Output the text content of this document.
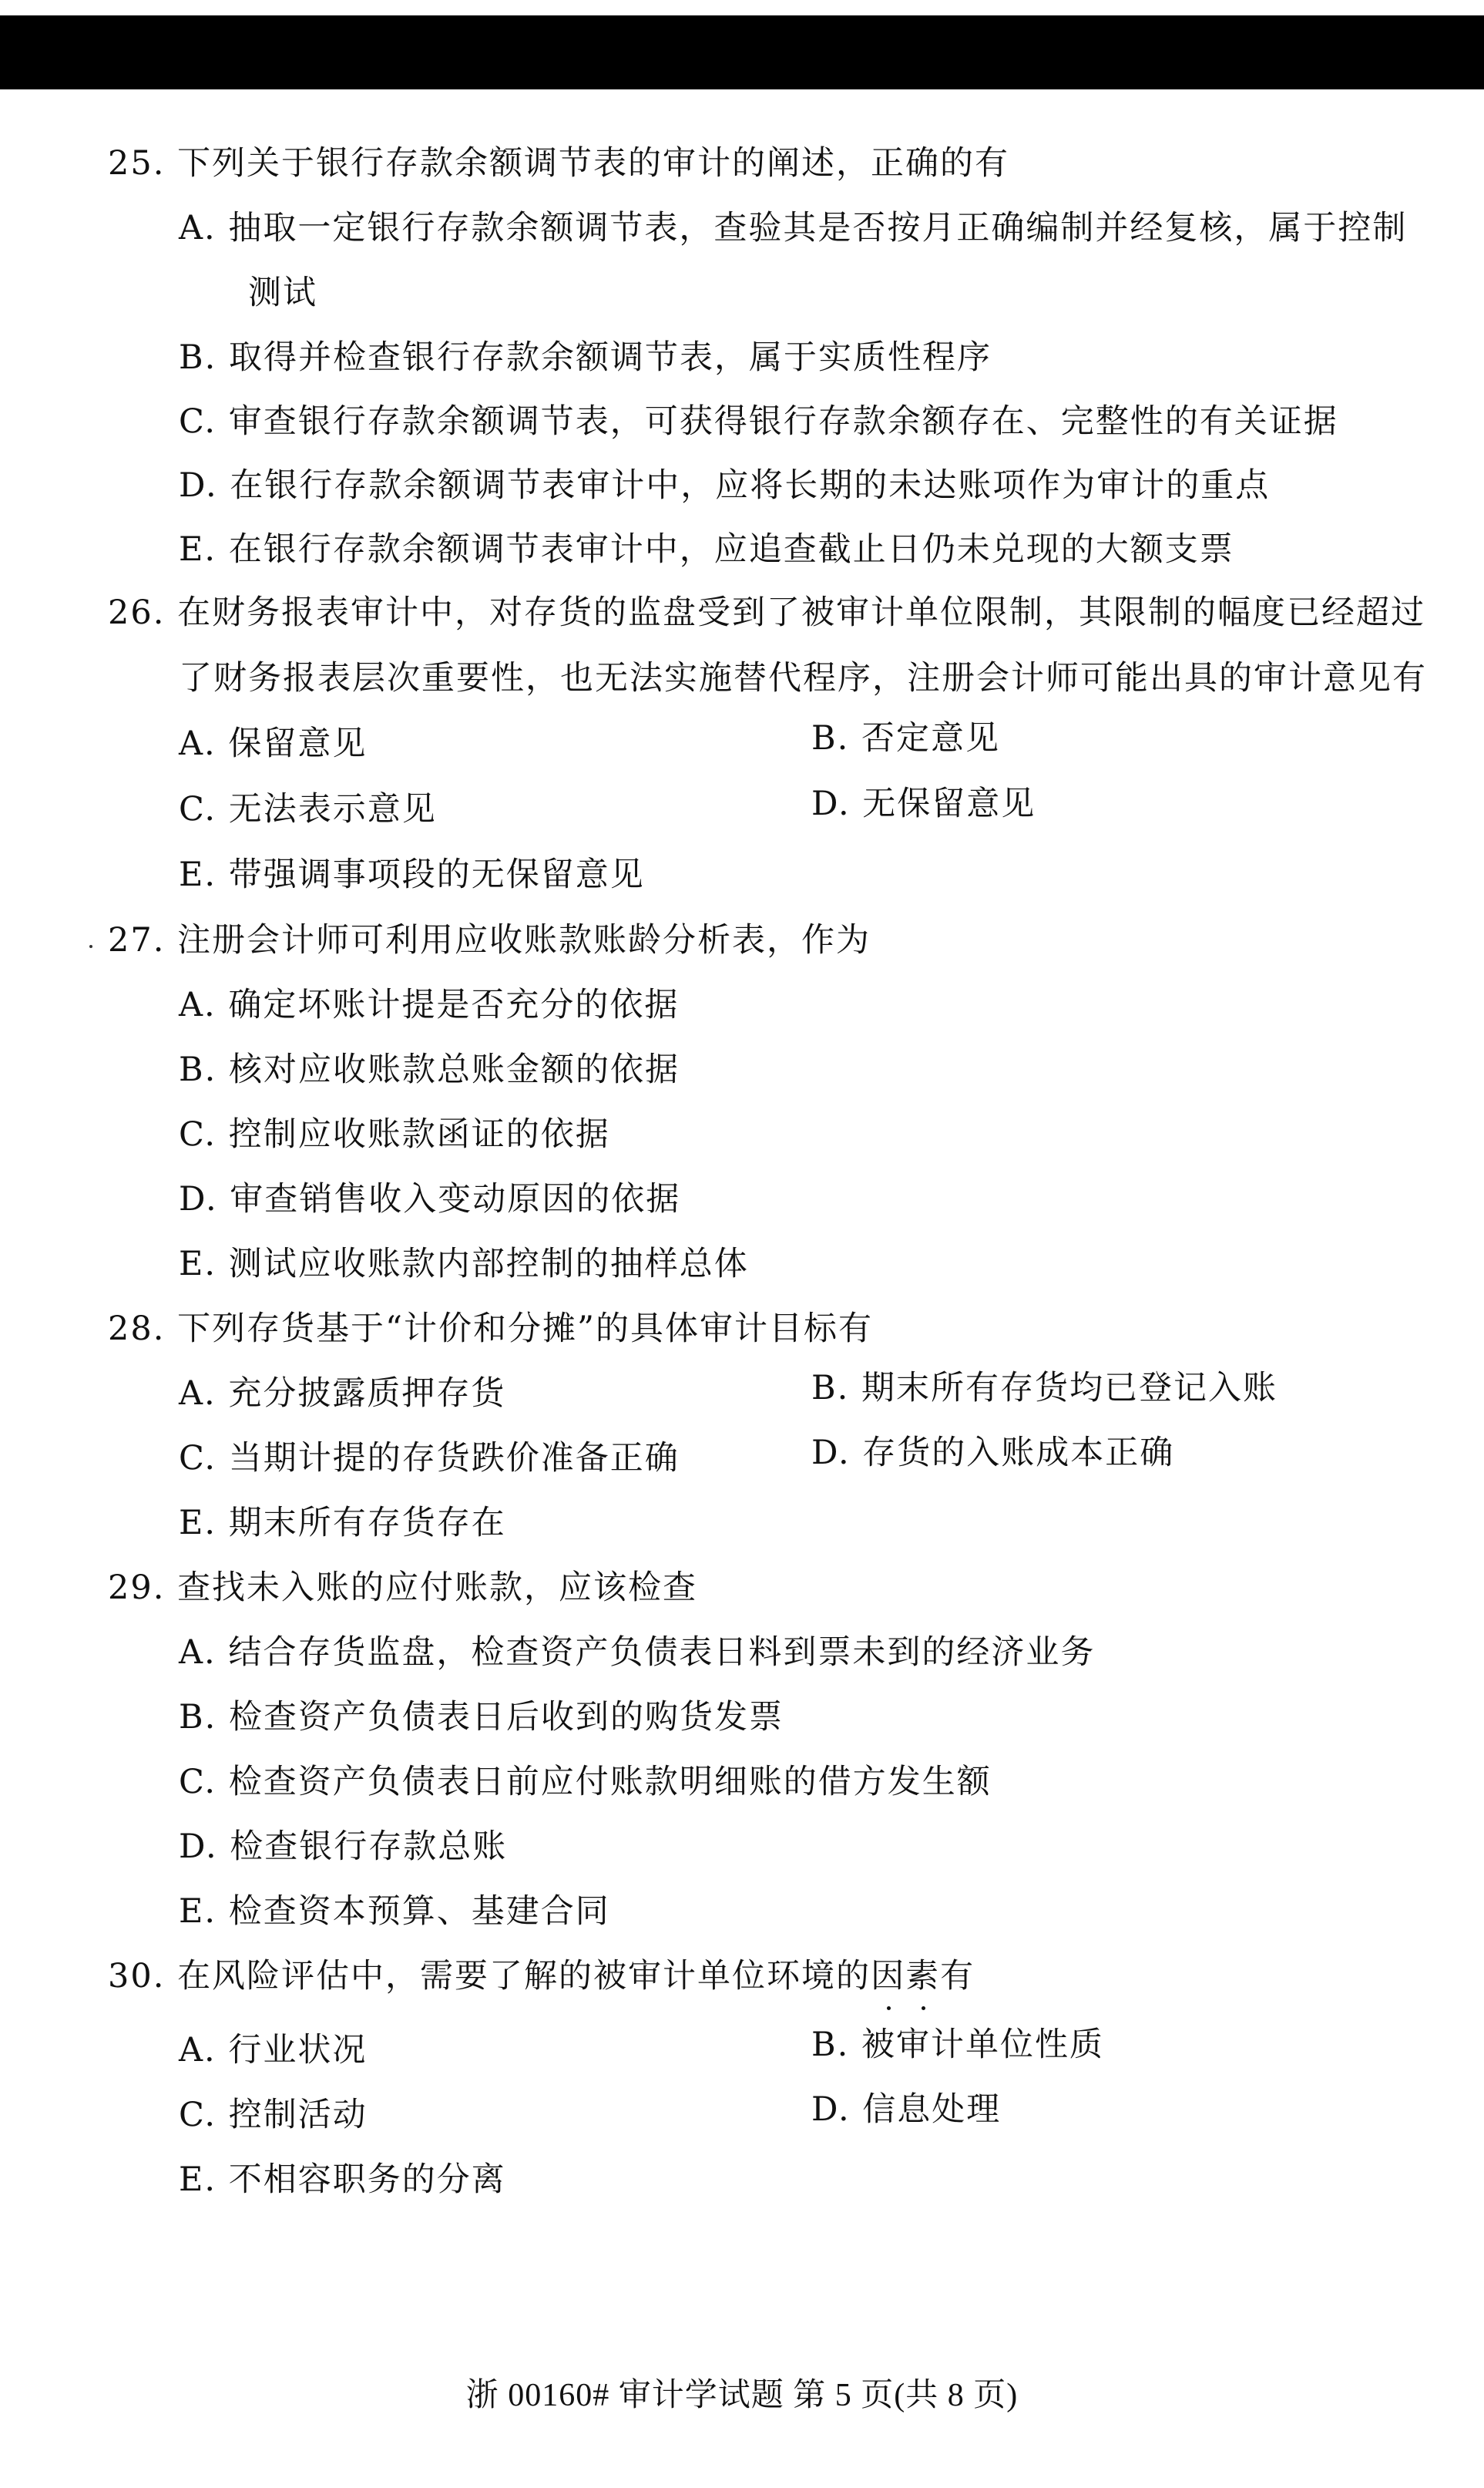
25. 下列关于银行存款余额调节表的审计的阐述，正确的有
A. 抽取一定银行存款余额调节表，查验其是否按月正确编制并经复核，属于控制
测试
B. 取得并检查银行存款余额调节表，属于实质性程序
C. 审查银行存款余额调节表，可获得银行存款余额存在、完整性的有关证据
D. 在银行存款余额调节表审计中，应将长期的未达账项作为审计的重点
E. 在银行存款余额调节表审计中，应追查截止日仍未兑现的大额支票
26. 在财务报表审计中，对存货的监盘受到了被审计单位限制，其限制的幅度已经超过
了财务报表层次重要性，也无法实施替代程序，注册会计师可能出具的审计意见有
A. 保留意见	B. 否定意见
C. 无法表示意见	D. 无保留意见
E. 带强调事项段的无保留意见
27. 注册会计师可利用应收账款账龄分析表，作为
A. 确定坏账计提是否充分的依据
B. 核对应收账款总账金额的依据
C. 控制应收账款函证的依据
D. 审查销售收入变动原因的依据
E. 测试应收账款内部控制的抽样总体
28. 下列存货基于“计价和分摊”的具体审计目标有
A. 充分披露质押存货	B. 期末所有存货均已登记入账
C. 当期计提的存货跌价准备正确	D. 存货的入账成本正确
E. 期末所有存货存在
29. 查找未入账的应付账款，应该检查
A. 结合存货监盘，检查资产负债表日料到票未到的经济业务
B. 检查资产负债表日后收到的购货发票
C. 检查资产负债表日前应付账款明细账的借方发生额
D. 检查银行存款总账
E. 检查资本预算、基建合同
30. 在风险评估中，需要了解的被审计单位环境的因
素
有
A. 行业状况	B. 被审计单位性质
C. 控制活动	D. 信息处理
E. 不相容职务的分离
浙 00160# 审计学试题 第 5 页(共 8 页)
